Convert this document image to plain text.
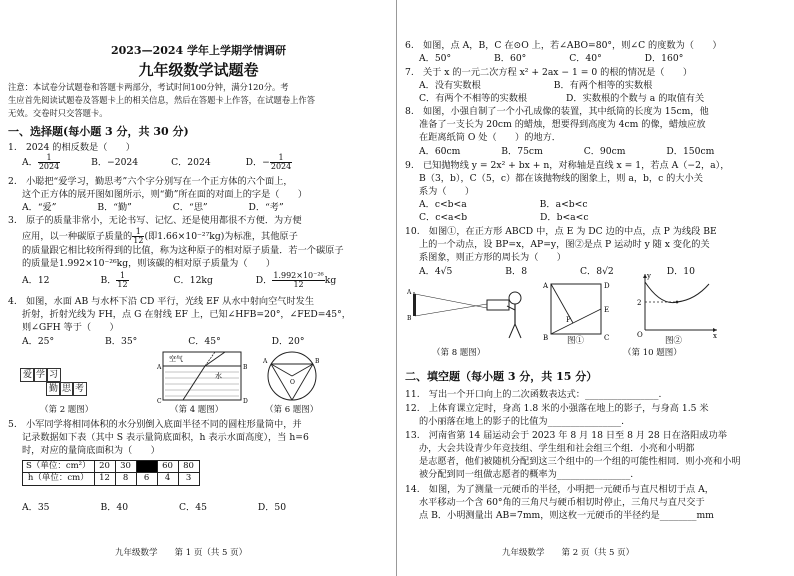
2023—2024 学年上学期学情调研
九年级数学试题卷
注意：本试卷分试题卷和答题卡两部分，考试时间100分钟，满分120分。考
生应首先阅读试题卷及答题卡上的相关信息，然后在答题卡上作答，在试题卷上作答
无效。交卷时只交答题卡。
一、选择题(每小题 3 分，共 30 分)
1.　2024 的相反数是（　　）
A． $\frac{1}{2024}$	B．−2024	C．2024	D．− $\frac{1}{2024}$
2.　小聪把“爱学习，勤思考”六个字分别写在一个正方体的六个面上，
这个正方体的展开图如图所示，则“勤”所在面的对面上的字是（　　）
A．“爱”	B．“勤”	C．“思”	D．“考”
3.　原子的质量非常小，无论书写、记忆、还是使用都很不方便．为方便
应用，以一种碳原子质量的 $\frac{1}{12}$ (即1.66×10⁻²⁷kg)为标准，其他原子
的质量跟它相比较所得到的比值，称为这种原子的相对原子质量．若一个碳原子
的质量是1.992×10⁻²⁶kg，则该碳的相对原子质量为（　　）
A．12	B． $\frac{1}{12}$	C．12kg	D． $\frac{\text{1.992×10⁻²⁶}}{12}$ kg
4.　如图，水面 AB 与水杯下沿 CD 平行，光线 EF 从水中射向空气时发生
折射，折射光线为 FH，点 G 在射线 EF 上，已知∠HFB=20°，∠FED=45°，
则∠GFH 等于（　　）
A．25°	B．35°	C．45°	D．20°
爱 学 习
勤 思 考
（第 2 题图）
空气
水
A	B
C	D
（第 4 题图）
A	B
O
（第 6 题图）
5.　小军同学将相同体积的水分别倒入底面半径不同的圆柱形量筒中，并
记录数据如下表（其中 S 表示量筒底面积，h 表示水面高度），当 h=6
时，对应的量筒底面积为（　　）
S（单位：cm²）	20	30		60	80
h（单位：cm）	12	8	6	4	3
A．35	B．40	C．45	D．50
九年级数学　　第 1 页（共 5 页）
6.　如图，点 A，B，C 在⊙O 上，若∠ABO=80°，则∠C 的度数为（　　）
A．50°	B．60°	C．40°	D．160°
7.　关于 x 的一元二次方程 x² + 2ax − 1 = 0 的根的情况是（　　）
A．没有实数根	B．有两个相等的实数根
C．有两个不相等的实数根	D．实数根的个数与 a 的取值有关
8.　如图，小强自制了一个小孔成像的装置，其中纸筒的长度为 15cm，他
准备了一支长为 20cm 的蜡烛，想要得到高度为 4cm 的像，蜡烛应放
在距离纸筒 O 处（　　）的地方．
A．60cm	B．75cm	C．90cm	D．150cm
9.　已知抛物线 y = 2x² + bx + n，对称轴是直线 x = 1，若点 A（−2，a），
B（3，b），C（5，c）都在该抛物线的图象上，则 a，b，c 的大小关
系为（　　）
A．c<b<a	B．a<b<c
C．c<a<b	D．b<a<c
10.　如图①，在正方形 ABCD 中，点 E 为 DC 边的中点，点 P 为线段 BE
上的一个动点，设 BP=x，AP=y，图②是点 P 运动时 y 随 x 变化的关
系图象，则正方形的周长为（　　）
A．4√5	B．8	C．8√2	D．10
A
B
（第 8 题图）
A	D
E
B	C
P
图①
y
x
O
2
图②
（第 10 题图）
二、填空题（每小题 3 分，共 15 分）
11.　写出一个开口向上的二次函数表达式：________________.
12.　上体育课立定时，身高 1.8 米的小强落在地上的影子，与身高 1.5 米
的小丽落在地上的影子的比值为________________.
13.　河南省第 14 届运动会于 2023 年 8 月 18 日至 8 月 28 日在洛阳成功举
办，大会共设青少年竞技组、学生组和社会组三个组．小亮和小明都
是志愿者，他们被随机分配到这三个组中的一个组的可能性相同．则小亮和小明
被分配到同一组做志愿者的概率为________________.
14.　如图，为了测量一元硬币的半径，小明把一元硬币与直尺相切于点 A，
水平移动一个含 60°角的三角尺与硬币相切时停止，三角尺与直尺交于
点 B．小明测量出 AB=7mm，则这枚一元硬币的半径约是________mm
九年级数学　　第 2 页（共 5 页）
